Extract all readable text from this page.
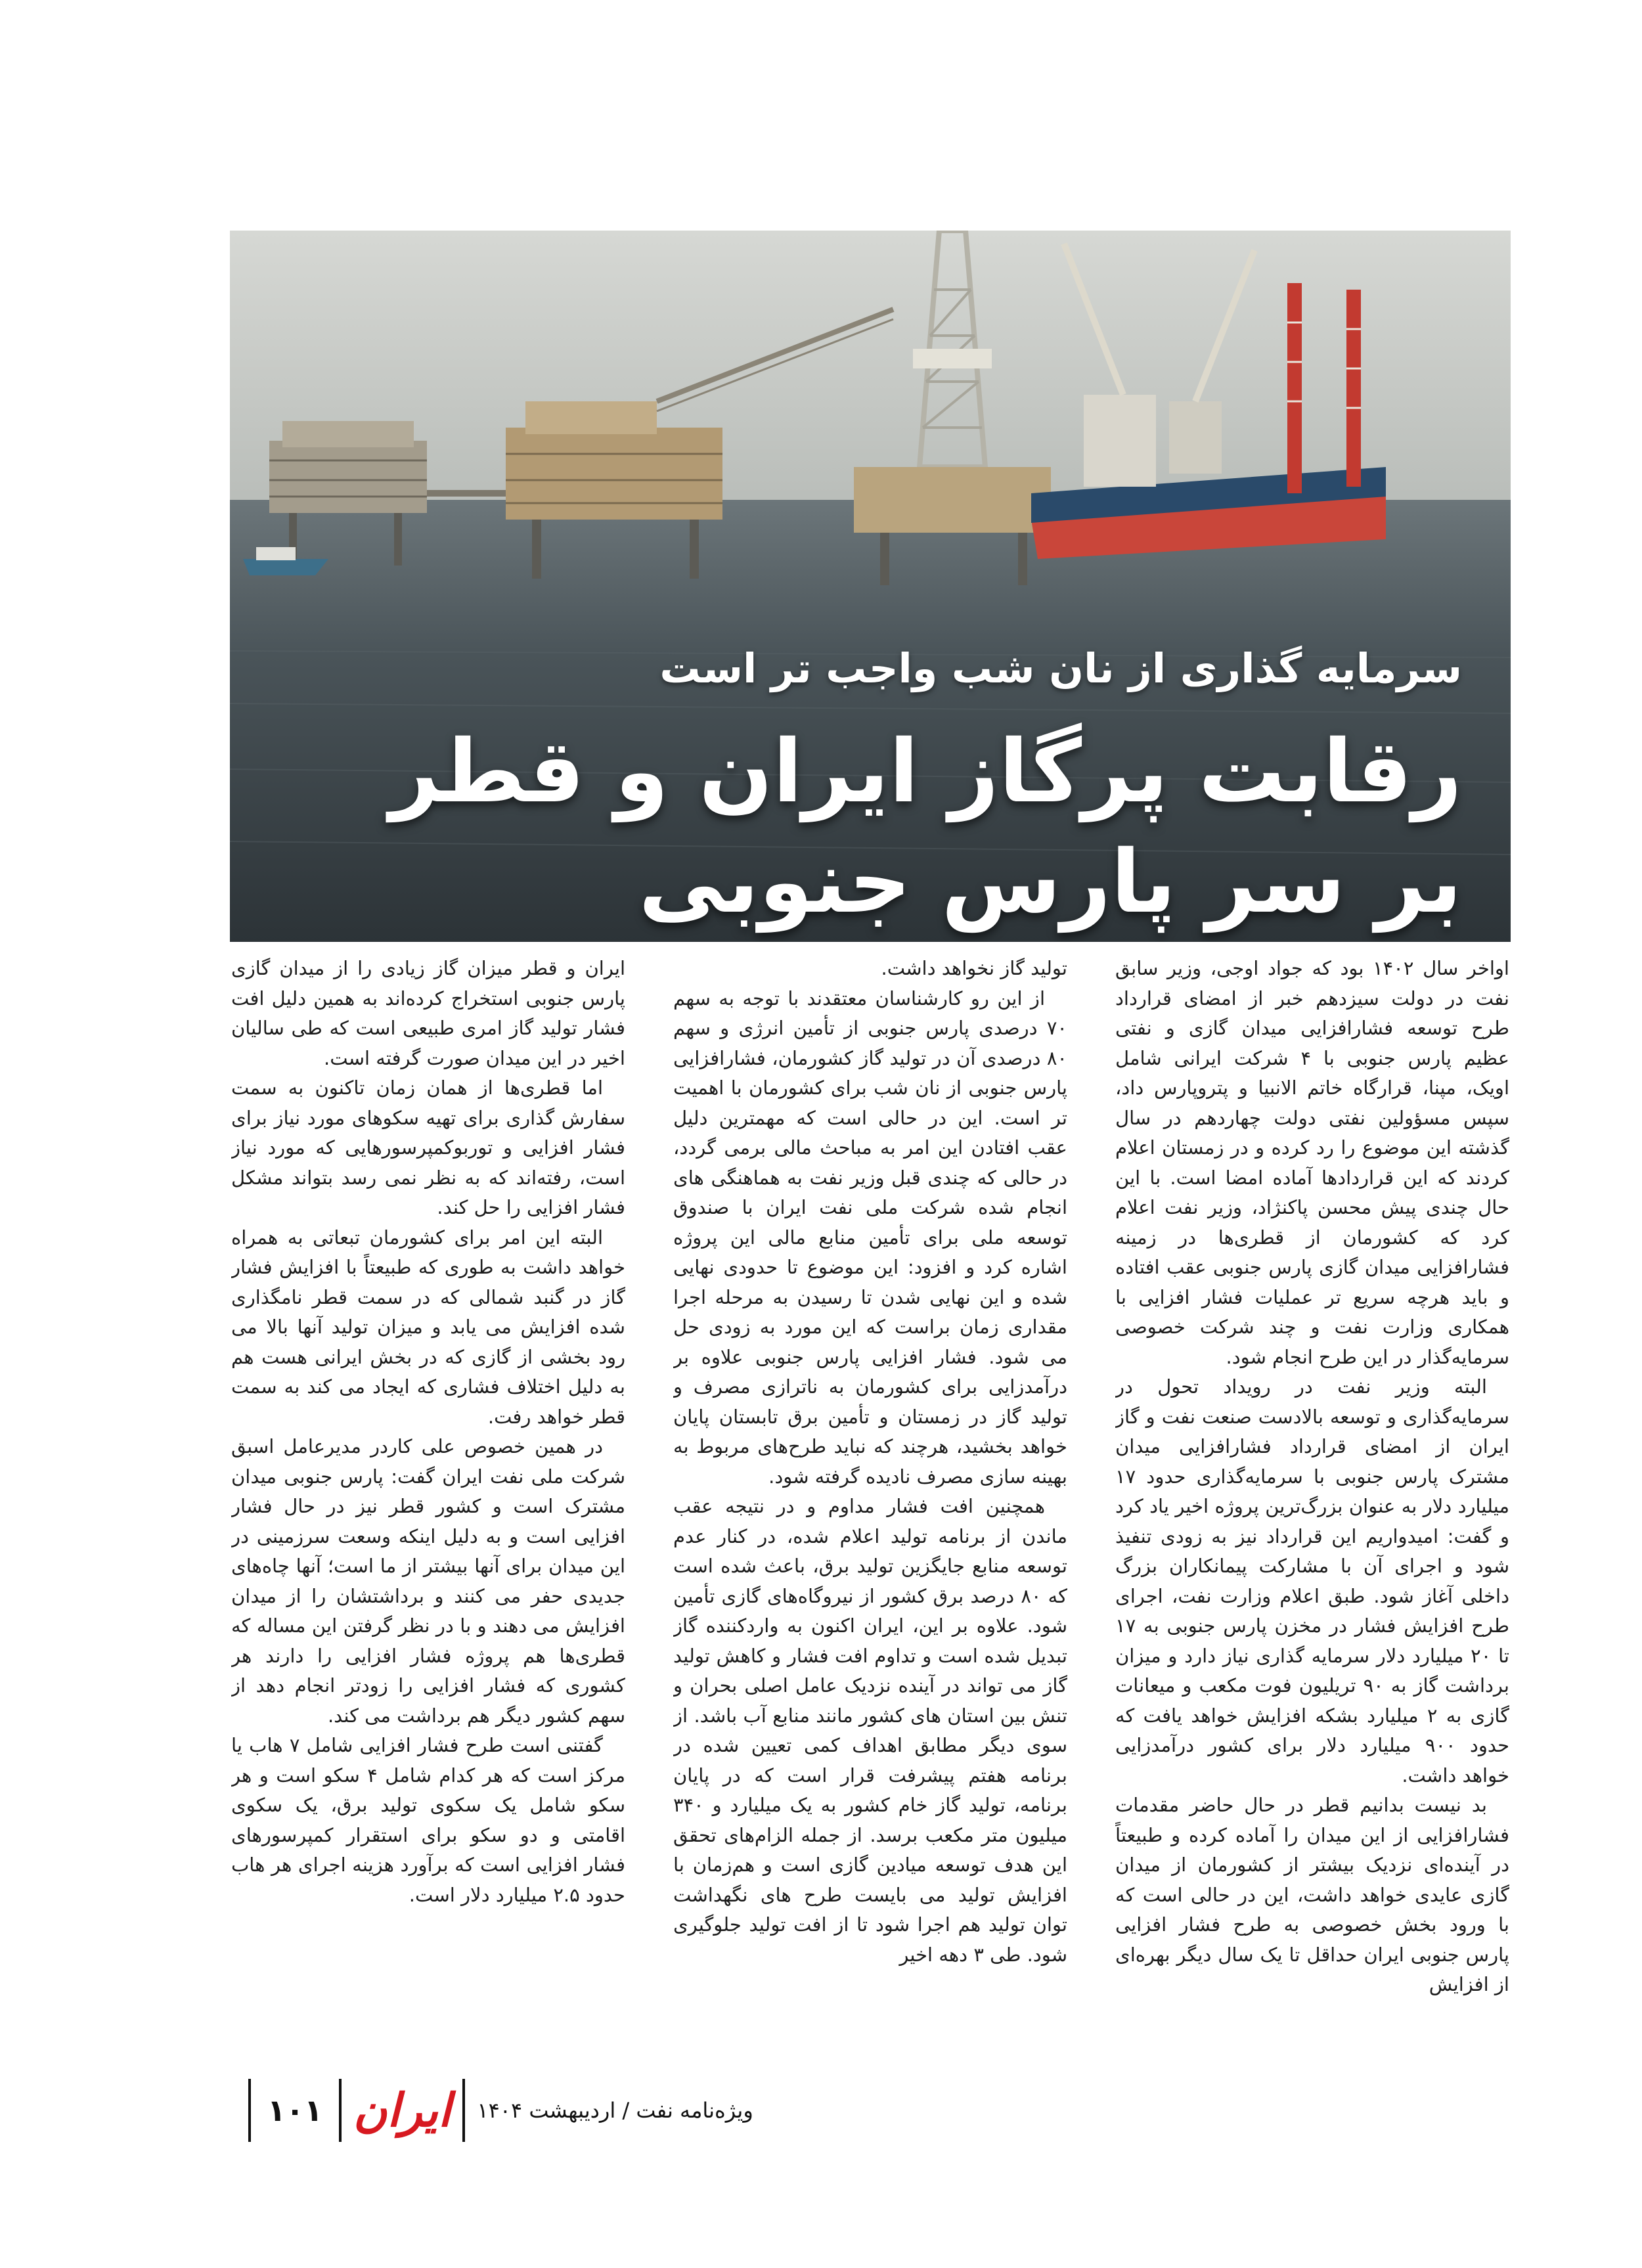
سرمایه گذاری از نان شب واجب تر است
رقابت پرگاز ایران و قطر
بر سر پارس جنوبی

اواخر سال ۱۴۰۲ بود که جواد اوجی، وزیر سابق نفت در دولت سیزدهم خبر از امضای قرارداد طرح توسعه فشارافزایی میدان گازی و نفتی عظیم پارس جنوبی با ۴ شرکت ایرانی شامل اویک، مپنا، قرارگاه خاتم الانبیا و پتروپارس داد، سپس مسؤولین نفتی دولت چهاردهم در سال گذشته این موضوع را رد کرده و در زمستان اعلام کردند که این قراردادها آماده امضا است. با این حال چندی پیش محسن پاکنژاد، وزیر نفت اعلام کرد که کشورمان از قطری‌ها در زمینه فشارافزایی میدان گازی پارس جنوبی عقب افتاده و باید هرچه سریع تر عملیات فشار افزایی با همکاری وزارت نفت و چند شرکت خصوصی سرمایه‌گذار در این طرح انجام شود.

البته وزیر نفت در رویداد تحول در سرمایه‌گذاری و توسعه بالادست صنعت نفت و گاز ایران از امضای قرارداد فشارافزایی میدان مشترک پارس جنوبی با سرمایه‌گذاری حدود ۱۷ میلیارد دلار به عنوان بزرگ‌ترین پروژه اخیر یاد کرد و گفت: امیدواریم این قرارداد نیز به زودی تنفیذ شود و اجرای آن با مشارکت پیمانکاران بزرگ داخلی آغاز شود. طبق اعلام وزارت نفت، اجرای طرح افزایش فشار در مخزن پارس جنوبی به ۱۷ تا ۲۰ میلیارد دلار سرمایه گذاری نیاز دارد و میزان برداشت گاز به ۹۰ تریلیون فوت مکعب و میعانات گازی به ۲ میلیارد بشکه افزایش خواهد یافت که حدود ۹۰۰ میلیارد دلار برای کشور درآمدزایی خواهد داشت.

بد نیست بدانیم قطر در حال حاضر مقدمات فشارافزایی از این میدان را آماده کرده و طبیعتاً در آینده‌ای نزدیک بیشتر از کشورمان از میدان گازی عایدی خواهد داشت، این در حالی است که با ورود بخش خصوصی به طرح فشار افزایی پارس جنوبی ایران حداقل تا یک سال دیگر بهره‌ای از افزایش

تولید گاز نخواهد داشت.

از این رو کارشناسان معتقدند با توجه به سهم ۷۰ درصدی پارس جنوبی از تأمین انرژی و سهم ۸۰ درصدی آن در تولید گاز کشورمان، فشارافزایی پارس جنوبی از نان شب برای کشورمان با اهمیت تر است. این در حالی است که مهمترین دلیل عقب افتادن این امر به مباحث مالی برمی گردد، در حالی که چندی قبل وزیر نفت به هماهنگی های انجام شده شرکت ملی نفت ایران با صندوق توسعه ملی برای تأمین منابع مالی این پروژه اشاره کرد و افزود: این موضوع تا حدودی نهایی شده و این نهایی شدن تا رسیدن به مرحله اجرا مقداری زمان براست که این مورد به زودی حل می شود. فشار افزایی پارس جنوبی علاوه بر درآمدزایی برای کشورمان به ناترازی مصرف و تولید گاز در زمستان و تأمین برق تابستان پایان خواهد بخشید، هرچند که نباید طرح‌های مربوط به بهینه سازی مصرف نادیده گرفته شود.

همچنین افت فشار مداوم و در نتیجه عقب ماندن از برنامه تولید اعلام شده، در کنار عدم توسعه منابع جایگزین تولید برق، باعث شده است که ۸۰ درصد برق کشور از نیروگاه‌های گازی تأمین شود. علاوه بر این، ایران اکنون به واردکننده گاز تبدیل شده است و تداوم افت فشار و کاهش تولید گاز می تواند در آینده نزدیک عامل اصلی بحران و تنش بین استان های کشور مانند منابع آب باشد. از سوی دیگر مطابق اهداف کمی تعیین شده در برنامه هفتم پیشرفت قرار است که در پایان برنامه، تولید گاز خام کشور به یک میلیارد و ۳۴۰ میلیون متر مکعب برسد. از جمله الزام‌های تحقق این هدف توسعه میادین گازی است و هم‌زمان با افزایش تولید می بایست طرح های نگهداشت توان تولید هم اجرا شود تا از افت تولید جلوگیری شود. طی ۳ دهه اخیر

ایران و قطر میزان گاز زیادی را از میدان گازی پارس جنوبی استخراج کرده‌اند به همین دلیل افت فشار تولید گاز امری طبیعی است که طی سالیان اخیر در این میدان صورت گرفته است.

اما قطری‌ها از همان زمان تاکنون به سمت سفارش گذاری برای تهیه سکوهای مورد نیاز برای فشار افزایی و توربوکمپرسورهایی که مورد نیاز است، رفته‌اند که به نظر نمی رسد بتواند مشکل فشار افزایی را حل کند.

البته این امر برای کشورمان تبعاتی به همراه خواهد داشت به طوری که طبیعتاً با افزایش فشار گاز در گنبد شمالی که در سمت قطر نامگذاری شده افزایش می یابد و میزان تولید آنها بالا می رود بخشی از گازی که در بخش ایرانی هست هم به دلیل اختلاف فشاری که ایجاد می کند به سمت قطر خواهد رفت.

در همین خصوص علی کاردر مدیرعامل اسبق شرکت ملی نفت ایران گفت: پارس جنوبی میدان مشترک است و کشور قطر نیز در حال فشار افزایی است و به دلیل اینکه وسعت سرزمینی در این میدان برای آنها بیشتر از ما است؛ آنها چاه‌های جدیدی حفر می کنند و برداشتشان را از میدان افزایش می دهند و با در نظر گرفتن این مساله که قطری‌ها هم پروژه فشار افزایی را دارند هر کشوری که فشار افزایی را زودتر انجام دهد از سهم کشور دیگر هم برداشت می کند.

گفتنی است طرح فشار افزایی شامل ۷ هاب یا مرکز است که هر کدام شامل ۴ سکو است و هر سکو شامل یک سکوی تولید برق، یک سکوی اقامتی و دو سکو برای استقرار کمپرسورهای فشار افزایی است که برآورد هزینه اجرای هر هاب حدود ۲.۵ میلیارد دلار است.

۱۰۱ ایران ویژه‌نامه نفت / اردیبهشت ۱۴۰۴
